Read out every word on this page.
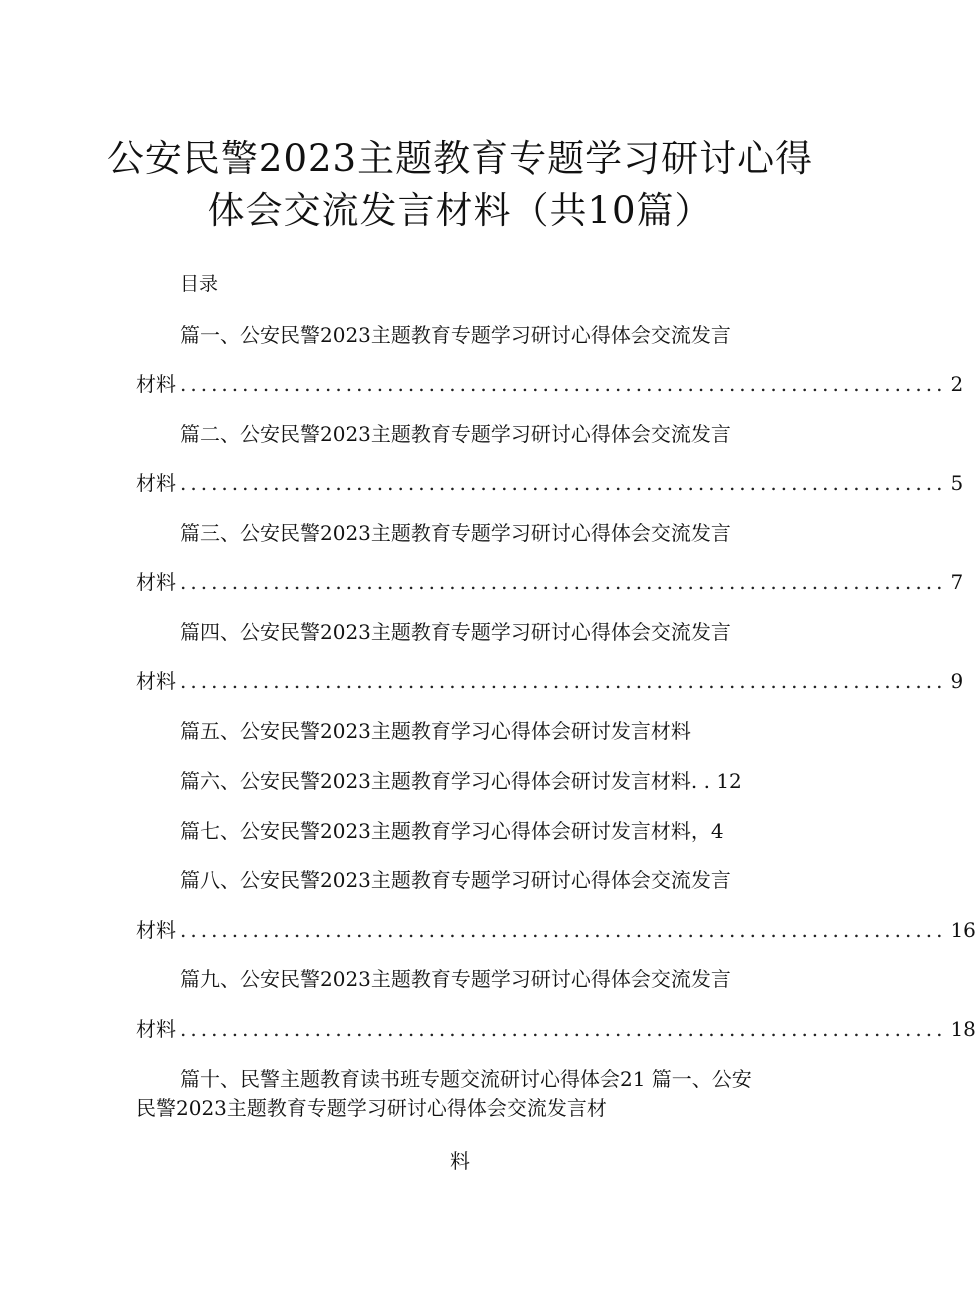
公安民警2023主题教育专题学习研讨心得
体会交流发言材料（共10篇）
目录
篇一、公安民警2023主题教育专题学习研讨心得体会交流发言
材料 .......................................................................... 2
篇二、公安民警2023主题教育专题学习研讨心得体会交流发言
材料 .......................................................................... 5
篇三、公安民警2023主题教育专题学习研讨心得体会交流发言
材料 .......................................................................... 7
篇四、公安民警2023主题教育专题学习研讨心得体会交流发言
材料 .......................................................................... 9
篇五、公安民警2023主题教育学习心得体会研讨发言材料
篇六、公安民警2023主题教育学习心得体会研讨发言材料. . 12
篇七、公安民警2023主题教育学习心得体会研讨发言材料，4
篇八、公安民警2023主题教育专题学习研讨心得体会交流发言
材料 .......................................................................... 16
篇九、公安民警2023主题教育专题学习研讨心得体会交流发言
材料 .......................................................................... 18
篇十、民警主题教育读书班专题交流研讨心得体会21 篇一、公安
民警2023主题教育专题学习研讨心得体会交流发言材
料
